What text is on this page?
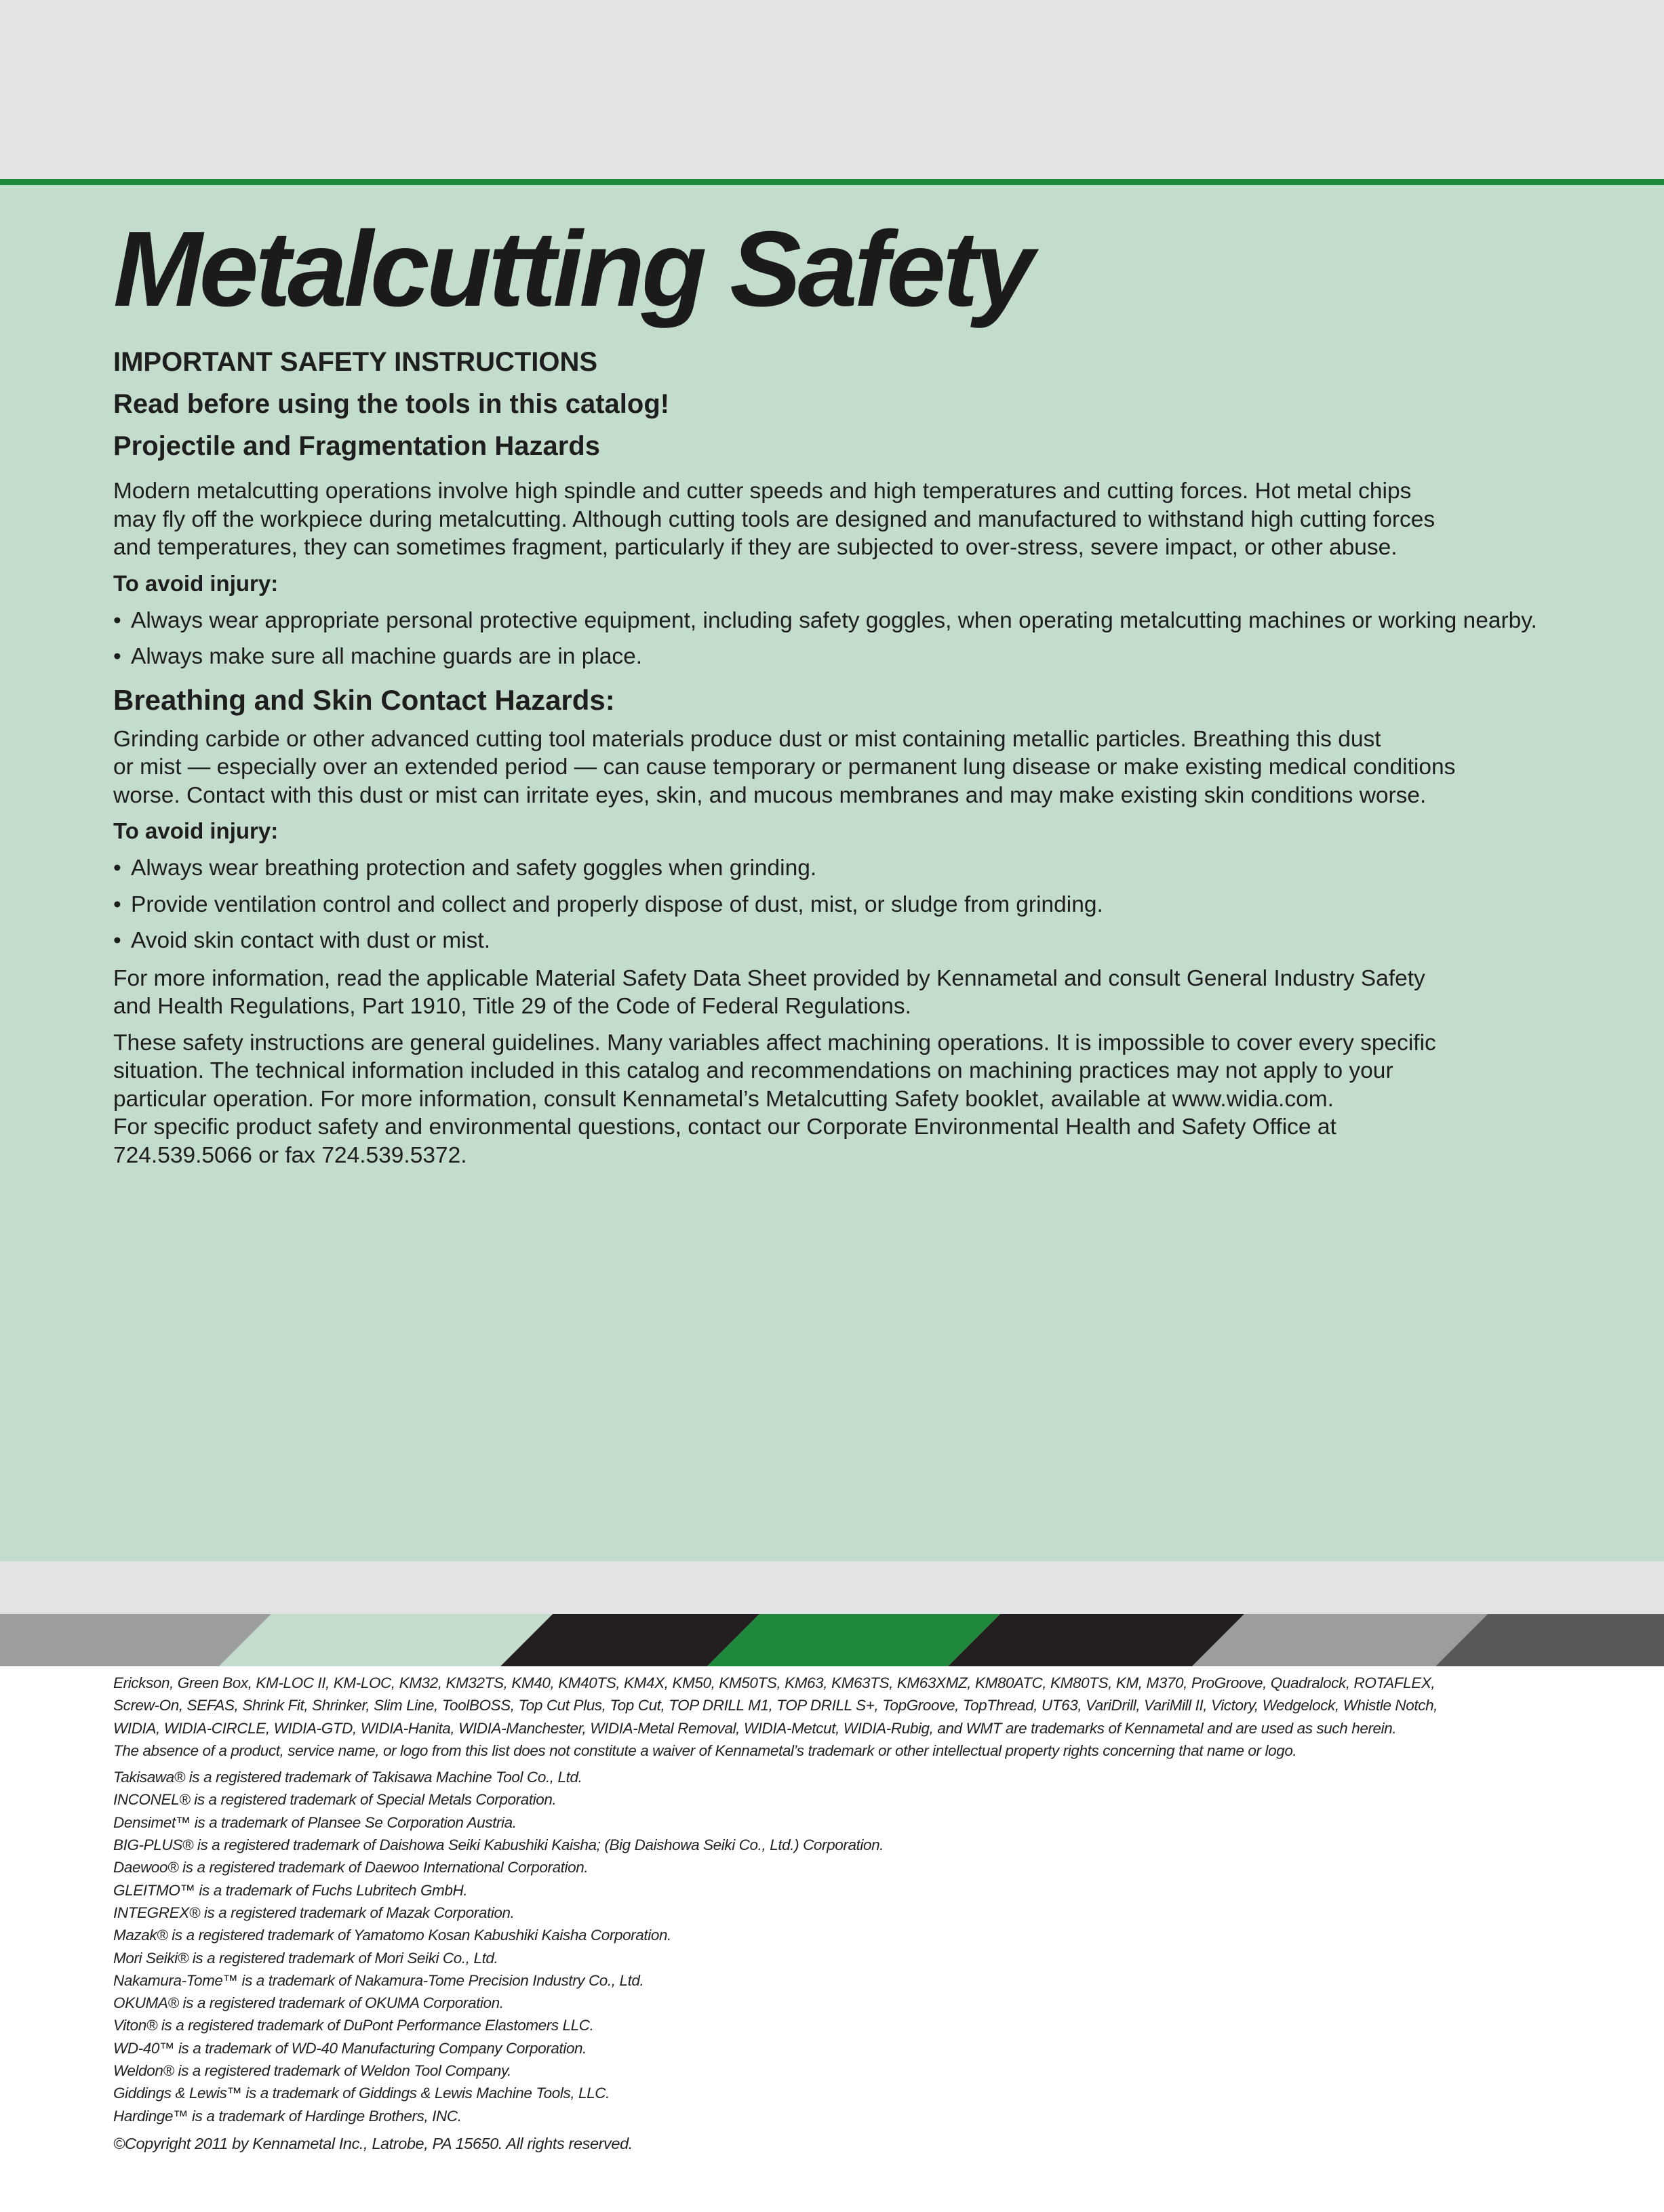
Metalcutting Safety
IMPORTANT SAFETY INSTRUCTIONS
Read before using the tools in this catalog!
Projectile and Fragmentation Hazards

Modern metalcutting operations involve high spindle and cutter speeds and high temperatures and cutting forces. Hot metal chips
may fly off the workpiece during metalcutting. Although cutting tools are designed and manufactured to withstand high cutting forces
and temperatures, they can sometimes fragment, particularly if they are subjected to over-stress, severe impact, or other abuse.

To avoid injury:
• Always wear appropriate personal protective equipment, including safety goggles, when operating metalcutting machines or working nearby.
• Always make sure all machine guards are in place.
Breathing and Skin Contact Hazards:

Grinding carbide or other advanced cutting tool materials produce dust or mist containing metallic particles. Breathing this dust
or mist — especially over an extended period — can cause temporary or permanent lung disease or make existing medical conditions
worse. Contact with this dust or mist can irritate eyes, skin, and mucous membranes and may make existing skin conditions worse.

To avoid injury:
• Always wear breathing protection and safety goggles when grinding.
• Provide ventilation control and collect and properly dispose of dust, mist, or sludge from grinding.
• Avoid skin contact with dust or mist.

For more information, read the applicable Material Safety Data Sheet provided by Kennametal and consult General Industry Safety
and Health Regulations, Part 1910, Title 29 of the Code of Federal Regulations.

These safety instructions are general guidelines. Many variables affect machining operations. It is impossible to cover every specific
situation. The technical information included in this catalog and recommendations on machining practices may not apply to your
particular operation. For more information, consult Kennametal’s Metalcutting Safety booklet, available at www.widia.com.
For specific product safety and environmental questions, contact our Corporate Environmental Health and Safety Office at
724.539.5066 or fax 724.539.5372.

Erickson, Green Box, KM-LOC II, KM-LOC, KM32, KM32TS, KM40, KM40TS, KM4X, KM50, KM50TS, KM63, KM63TS, KM63XMZ, KM80ATC, KM80TS, KM, M370, ProGroove, Quadralock, ROTAFLEX,

Screw-On, SEFAS, Shrink Fit, Shrinker, Slim Line, ToolBOSS, Top Cut Plus, Top Cut, TOP DRILL M1, TOP DRILL S+, TopGroove, TopThread, UT63, VariDrill, VariMill II, Victory, Wedgelock, Whistle Notch,

WIDIA, WIDIA-CIRCLE, WIDIA-GTD, WIDIA-Hanita, WIDIA-Manchester, WIDIA-Metal Removal, WIDIA-Metcut, WIDIA-Rubig, and WMT are trademarks of Kennametal and are used as such herein.

The absence of a product, service name, or logo from this list does not constitute a waiver of Kennametal’s trademark or other intellectual property rights concerning that name or logo.

Takisawa® is a registered trademark of Takisawa Machine Tool Co., Ltd.

INCONEL® is a registered trademark of Special Metals Corporation.

Densimet™ is a trademark of Plansee Se Corporation Austria.

BIG-PLUS® is a registered trademark of Daishowa Seiki Kabushiki Kaisha; (Big Daishowa Seiki Co., Ltd.) Corporation.

Daewoo® is a registered trademark of Daewoo International Corporation.

GLEITMO™ is a trademark of Fuchs Lubritech GmbH.

INTEGREX® is a registered trademark of Mazak Corporation.

Mazak® is a registered trademark of Yamatomo Kosan Kabushiki Kaisha Corporation.

Mori Seiki® is a registered trademark of Mori Seiki Co., Ltd.

Nakamura-Tome™ is a trademark of Nakamura-Tome Precision Industry Co., Ltd.

OKUMA® is a registered trademark of OKUMA Corporation.

Viton® is a registered trademark of DuPont Performance Elastomers LLC.

WD-40™ is a trademark of WD-40 Manufacturing Company Corporation.

Weldon® is a registered trademark of Weldon Tool Company.

Giddings & Lewis™ is a trademark of Giddings & Lewis Machine Tools, LLC.

Hardinge™ is a trademark of Hardinge Brothers, INC.

©Copyright 2011 by Kennametal Inc., Latrobe, PA 15650. All rights reserved.
